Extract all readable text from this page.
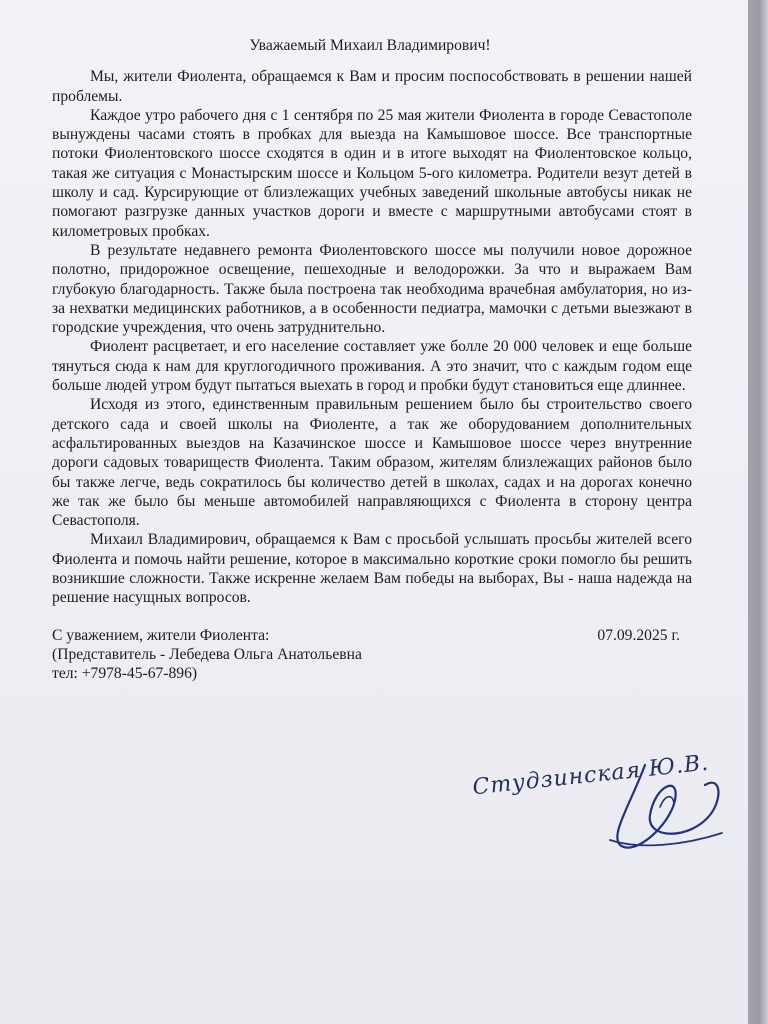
Уважаемый Михаил Владимирович!

Мы, жители Фиолента, обращаемся к Вам и просим поспособствовать в решении нашей проблемы.

Каждое утро рабочего дня с 1 сентября по 25 мая жители Фиолента в городе Севастополе вынуждены часами стоять в пробках для выезда на Камышовое шоссе. Все транспортные потоки Фиолентовского шоссе сходятся в один и в итоге выходят на Фиолентовское кольцо, такая же ситуация с Монастырским шоссе и Кольцом 5-ого километра. Родители везут детей в школу и сад. Курсирующие от близлежащих учебных заведений школьные автобусы никак не помогают разгрузке данных участков дороги и вместе с маршрутными автобусами стоят в километровых пробках.

В результате недавнего ремонта Фиолентовского шоссе мы получили новое дорожное полотно, придорожное освещение, пешеходные и велодорожки. За что и выражаем Вам глубокую благодарность. Также была построена так необходима врачебная амбулатория, но из-за нехватки медицинских работников, а в особенности педиатра, мамочки с детьми выезжают в городские учреждения, что очень затруднительно.

Фиолент расцветает, и его население составляет уже болле 20 000 человек и еще больше тянуться сюда к нам для круглогодичного проживания. А это значит, что с каждым годом еще больше людей утром будут пытаться выехать в город и пробки будут становиться еще длиннее.

Исходя из этого, единственным правильным решением было бы строительство своего детского сада и своей школы на Фиоленте, а так же оборудованием дополнительных асфальтированных выездов на Казачинское шоссе и Камышовое шоссе через внутренние дороги садовых товариществ Фиолента. Таким образом, жителям близлежащих районов было бы также легче, ведь сократилось бы количество детей в школах, садах и на дорогах конечно же так же было бы меньше автомобилей направляющихся с Фиолента в сторону центра Севастополя.

Михаил Владимирович, обращаемся к Вам с просьбой услышать просьбы жителей всего Фиолента и помочь найти решение, которое в максимально короткие сроки помогло бы решить возникшие сложности. Также искренне желаем Вам победы на выборах, Вы - наша надежда на решение насущных вопросов.

С уважением, жители Фиолента:
(Представитель - Лебедева Ольга Анатольевна
тел: +7978-45-67-896)
07.09.2025 г.
Студзинская Ю.В.
